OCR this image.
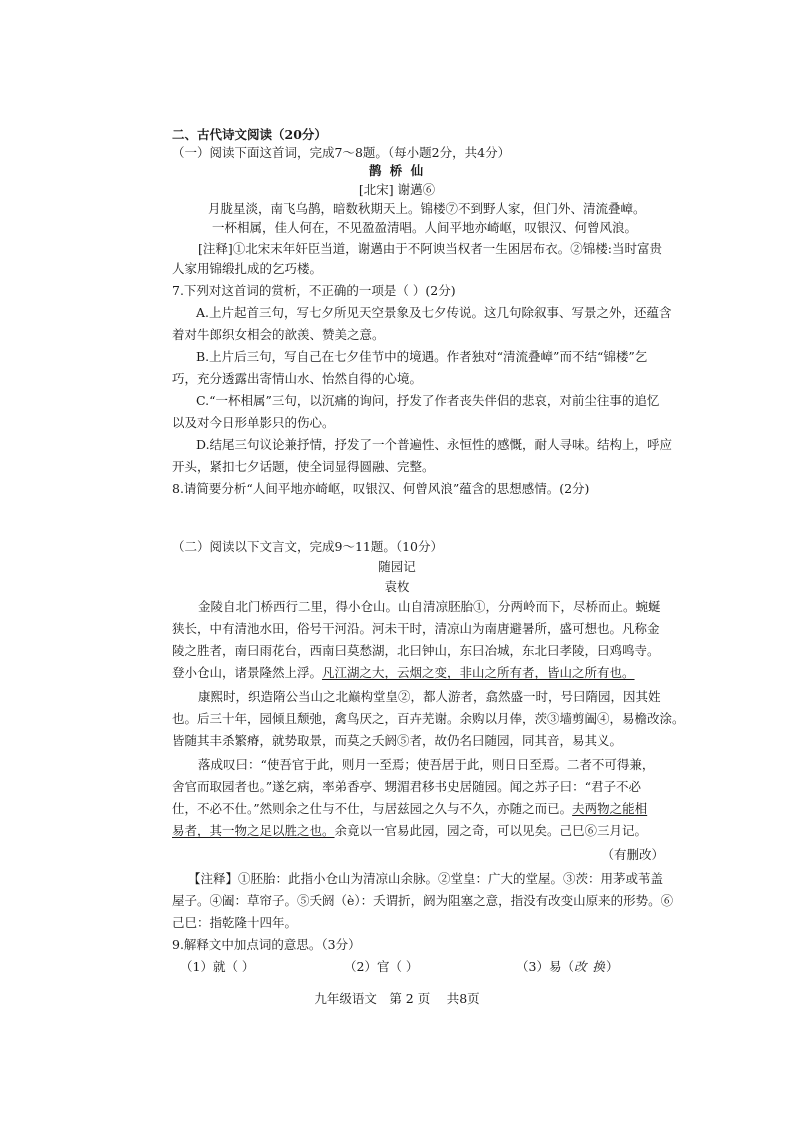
二、古代诗文阅读（20分）
（一）阅读下面这首词，完成7～8题。（每小题2分，共4分）
鹊 桥 仙
[北宋] 谢邁⑥
月胧星淡，南飞乌鹊，暗数秋期天上。锦楼⑦不到野人家，但门外、清流叠嶂。
一杯相属，佳人何在，不见盈盈清唱。人间平地亦崎岖，叹银汉、何曾风浪。
[注释]①北宋末年奸臣当道，谢邁由于不阿谀当权者一生困居布衣。②锦楼:当时富贵
人家用锦缎扎成的乞巧楼。
7.下列对这首词的赏析，不正确的一项是（ ）(2分)
A.上片起首三句，写七夕所见天空景象及七夕传说。这几句除叙事、写景之外，还蕴含
着对牛郎织女相会的歆羡、赞美之意。
B.上片后三句，写自己在七夕佳节中的境遇。作者独对“清流叠嶂”而不结“锦楼”乞
巧，充分透露出寄情山水、怡然自得的心境。
C.“一杯相属”三句，以沉痛的询问，抒发了作者丧失伴侣的悲哀，对前尘往事的追忆
以及对今日形单影只的伤心。
D.结尾三句议论兼抒情，抒发了一个普遍性、永恒性的感慨，耐人寻味。结构上，呼应
开头，紧扣七夕话题，使全词显得圆融、完整。
8.请简要分析“人间平地亦崎岖，叹银汉、何曾风浪”蕴含的思想感情。(2分)
（二）阅读以下文言文，完成9～11题。（10分）
随园记
袁枚
金陵自北门桥西行二里，得小仓山。山自清凉胚胎①，分两岭而下，尽桥而止。蜿蜒
狭长，中有清池水田，俗号干河沿。河未干时，清凉山为南唐避暑所，盛可想也。凡称金
陵之胜者，南曰雨花台，西南曰莫愁湖，北曰钟山，东曰冶城，东北曰孝陵，曰鸡鸣寺。
登小仓山，诸景隆然上浮。凡江湖之大，云烟之变，非山之所有者，皆山之所有也。
康熙时，织造隋公当山之北巅构堂皇②，都人游者，翕然盛一时，号曰隋园，因其姓
也。后三十年，园倾且颓弛，禽鸟厌之，百卉芜谢。余购以月俸，茨③墙剪阖④，易檐改涂。
皆随其丰杀繁瘠，就势取景，而莫之夭阏⑤者，故仍名曰随园，同其音，易其义。
落成叹曰：“使吾官于此，则月一至焉；使吾居于此，则日日至焉。二者不可得兼，
舍官而取园者也。”遂乞病，率弟香亭、甥湄君移书史居随园。闻之苏子曰：“君子不必
仕，不必不仕。”然则余之仕与不仕，与居兹园之久与不久，亦随之而已。夫两物之能相
易者，其一物之足以胜之也。余竟以一官易此园，园之奇，可以见矣。己巳⑥三月记。
（有删改）
【注释】①胚胎：此指小仓山为清凉山余脉。②堂皇：广大的堂屋。③茨：用茅或苇盖
屋子。④阖：草帘子。⑤夭阏（è）：夭谓折，阏为阻塞之意，指没有改变山原来的形势。⑥
己巳：指乾隆十四年。
9.解释文中加点词的意思。（3分）
（1）就（ ）	（2）官（ ）	（3）易（改 换）
九年级语文　第 2 页　 共8页
